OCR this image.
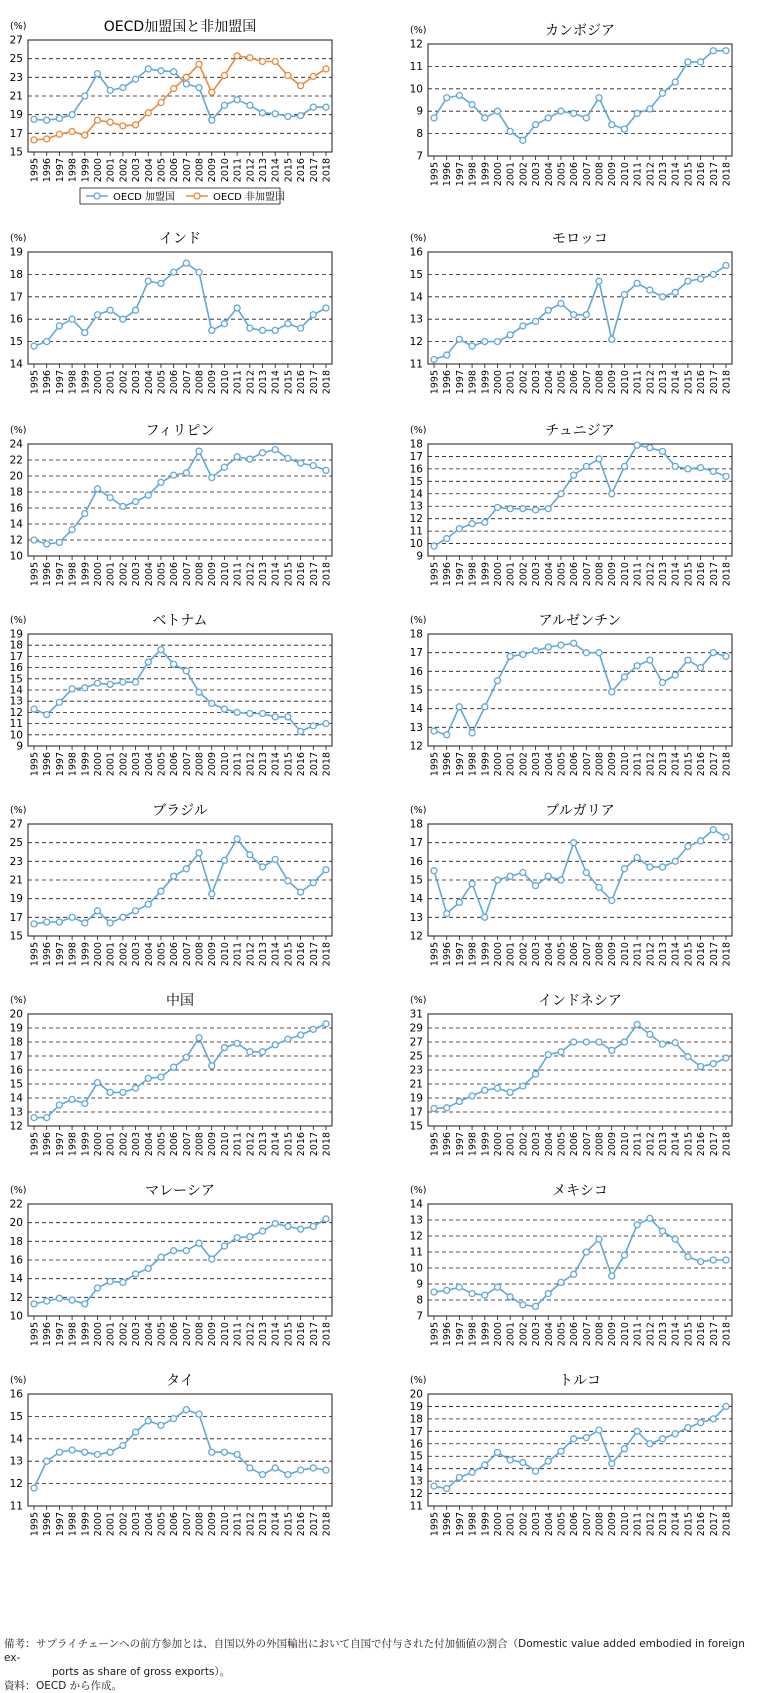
OECD加盟国と非加盟国
(%)
15
17
19
21
23
25
27
1995 1996 1997 1998 1999 2000 2001 2002 2003 2004 2005 2006 2007 2008 2009 2010 2011 2012 2013 2014 2015 2016 2017 2018
OECD 加盟国	OECD 非加盟国
カンボジア
(%)
7
8
9
10
11
12
1995 1996 1997 1998 1999 2000 2001 2002 2003 2004 2005 2006 2007 2008 2009 2010 2011 2012 2013 2014 2015 2016 2017 2018
インド
(%)
14
15
16
17
18
19
1995 1996 1997 1998 1999 2000 2001 2002 2003 2004 2005 2006 2007 2008 2009 2010 2011 2012 2013 2014 2015 2016 2017 2018
モロッコ
(%)
11
12
13
14
15
16
1995 1996 1997 1998 1999 2000 2001 2002 2003 2004 2005 2006 2007 2008 2009 2010 2011 2012 2013 2014 2015 2016 2017 2018
フィリピン
(%)
10
12
14
16
18
20
22
24
1995 1996 1997 1998 1999 2000 2001 2002 2003 2004 2005 2006 2007 2008 2009 2010 2011 2012 2013 2014 2015 2016 2017 2018
チュニジア
(%)
9
10
11
12
13
14
15
16
17
18
1995 1996 1997 1998 1999 2000 2001 2002 2003 2004 2005 2006 2007 2008 2009 2010 2011 2012 2013 2014 2015 2016 2017 2018
ベトナム
(%)
9
10
11
12
13
14
15
16
17
18
19
1995 1996 1997 1998 1999 2000 2001 2002 2003 2004 2005 2006 2007 2008 2009 2010 2011 2012 2013 2014 2015 2016 2017 2018
アルゼンチン
(%)
12
13
14
15
16
17
18
1995 1996 1997 1998 1999 2000 2001 2002 2003 2004 2005 2006 2007 2008 2009 2010 2011 2012 2013 2014 2015 2016 2017 2018
ブラジル
(%)
15
17
19
21
23
25
27
1995 1996 1997 1998 1999 2000 2001 2002 2003 2004 2005 2006 2007 2008 2009 2010 2011 2012 2013 2014 2015 2016 2017 2018
ブルガリア
(%)
12
13
14
15
16
17
18
1995 1996 1997 1998 1999 2000 2001 2002 2003 2004 2005 2006 2007 2008 2009 2010 2011 2012 2013 2014 2015 2016 2017 2018
中国
(%)
12
13
14
15
16
17
18
19
20
1995 1996 1997 1998 1999 2000 2001 2002 2003 2004 2005 2006 2007 2008 2009 2010 2011 2012 2013 2014 2015 2016 2017 2018
インドネシア
(%)
15
17
19
21
23
25
27
29
31
1995 1996 1997 1998 1999 2000 2001 2002 2003 2004 2005 2006 2007 2008 2009 2010 2011 2012 2013 2014 2015 2016 2017 2018
マレーシア
(%)
10
12
14
16
18
20
22
1995 1996 1997 1998 1999 2000 2001 2002 2003 2004 2005 2006 2007 2008 2009 2010 2011 2012 2013 2014 2015 2016 2017 2018
メキシコ
(%)
7
8
9
10
11
12
13
14
1995 1996 1997 1998 1999 2000 2001 2002 2003 2004 2005 2006 2007 2008 2009 2010 2011 2012 2013 2014 2015 2016 2017 2018
タイ
(%)
11
12
13
14
15
16
1995 1996 1997 1998 1999 2000 2001 2002 2003 2004 2005 2006 2007 2008 2009 2010 2011 2012 2013 2014 2015 2016 2017 2018
トルコ
(%)
11
12
13
14
15
16
17
18
19
20
1995 1996 1997 1998 1999 2000 2001 2002 2003 2004 2005 2006 2007 2008 2009 2010 2011 2012 2013 2014 2015 2016 2017 2018

備考：サプライチェーンへの前方参加とは、自国以外の外国輸出において自国で付与された付加価値の割合（Domestic value added embodied in foreign ex-
ports as share of gross exports）。

資料：OECD から作成。
